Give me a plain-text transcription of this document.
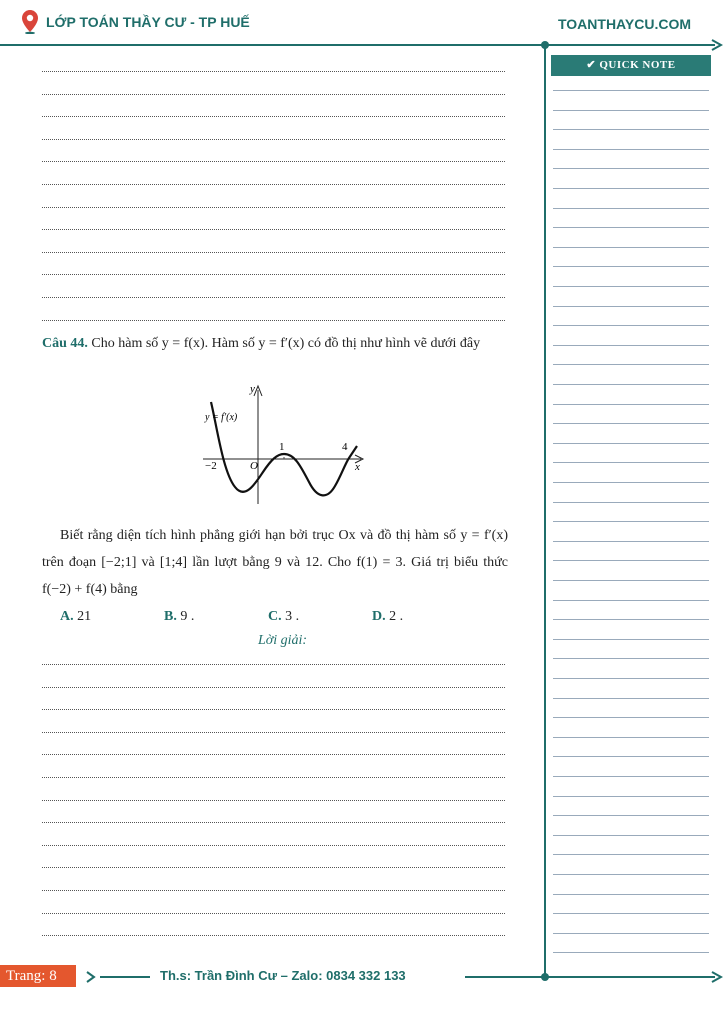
LỚP TOÁN THẦY CƯ - TP HUẾ	TOANTHAYCU.COM
✔ QUICK NOTE
Câu 44. Cho hàm số y = f(x). Hàm số y = f′(x) có đồ thị như hình vẽ dưới đây
y
x
y = f′(x)
−2	O
1	4
Biết rằng diện tích hình phẳng giới hạn bởi trục Ox và đồ thị hàm số y = f′(x) trên đoạn [−2;1] và [1;4] lần lượt bằng 9 và 12. Cho f(1) = 3. Giá trị biểu thức f(−2) + f(4) bằng
A. 21	B. 9 .	C. 3 .	D. 2 .
Lời giải:
Trang: 8	Th.s: Trần Đình Cư – Zalo: 0834 332 133
